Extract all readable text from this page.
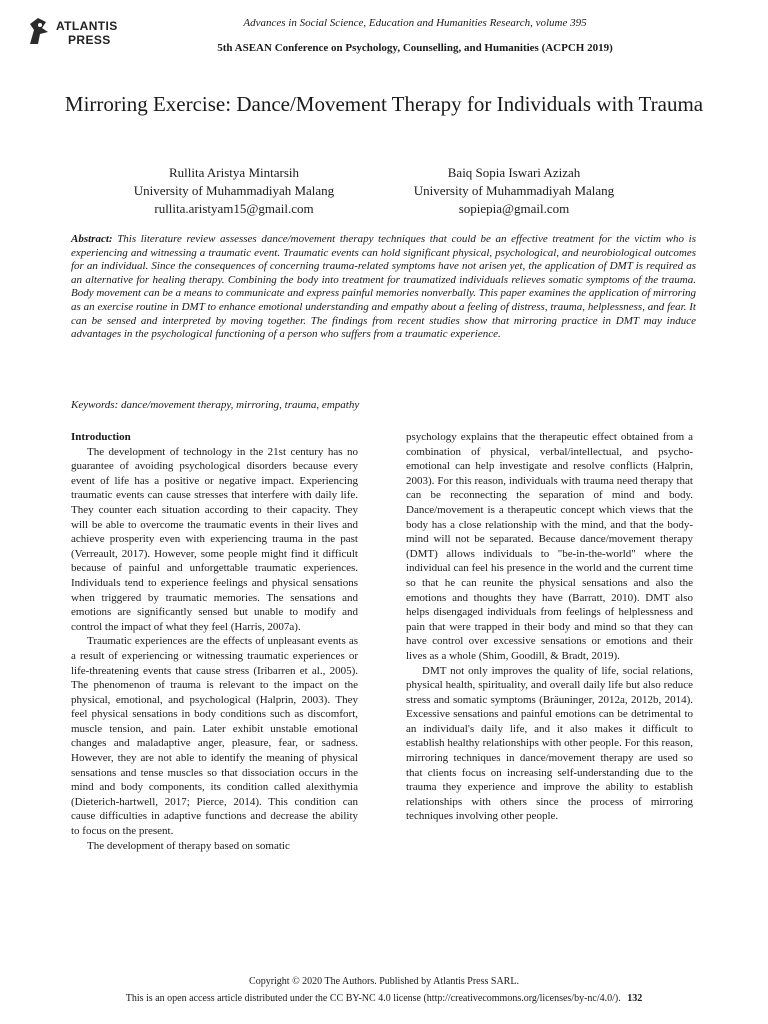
ATLANTIS
PRESS
Advances in Social Science, Education and Humanities Research, volume 395
5th ASEAN Conference on Psychology, Counselling, and Humanities (ACPCH 2019)
Mirroring Exercise: Dance/Movement Therapy for Individuals with Trauma
Rullita Aristya Mintarsih
University of Muhammadiyah Malang
rullita.aristyam15@gmail.com
Baiq Sopia Iswari Azizah
University of Muhammadiyah Malang
sopiepia@gmail.com
Abstract: This literature review assesses dance/movement therapy techniques that could be an effective treatment for the victim who is experiencing and witnessing a traumatic event. Traumatic events can hold significant physical, psychological, and neurobiological outcomes for an individual. Since the consequences of concerning trauma-related symptoms have not arisen yet, the application of DMT is required as an alternative for healing therapy. Combining the body into treatment for traumatized individuals relieves somatic symptoms of the trauma. Body movement can be a means to communicate and express painful memories nonverbally. This paper examines the application of mirroring as an exercise routine in DMT to enhance emotional understanding and empathy about a feeling of distress, trauma, helplessness, and fear. It can be sensed and interpreted by moving together. The findings from recent studies show that mirroring practice in DMT may induce advantages in the psychological functioning of a person who suffers from a traumatic experience.
Keywords: dance/movement therapy, mirroring, trauma, empathy
Introduction

The development of technology in the 21st century has no guarantee of avoiding psychological disorders because every event of life has a positive or negative impact. Experiencing traumatic events can cause stresses that interfere with daily life. They counter each situation according to their capacity. They will be able to overcome the traumatic events in their lives and achieve prosperity even with experiencing trauma in the past (Verreault, 2017). However, some people might find it difficult because of painful and unforgettable traumatic experiences. Individuals tend to experience feelings and physical sensations when triggered by traumatic memories. The sensations and emotions are significantly sensed but unable to modify and control the impact of what they feel (Harris, 2007a).

Traumatic experiences are the effects of unpleasant events as a result of experiencing or witnessing traumatic experiences or life-threatening events that cause stress (Iribarren et al., 2005). The phenomenon of trauma is relevant to the impact on the physical, emotional, and psychological (Halprin, 2003). They feel physical sensations in body conditions such as discomfort, muscle tension, and pain. Later exhibit unstable emotional changes and maladaptive anger, pleasure, fear, or sadness. However, they are not able to identify the meaning of physical sensations and tense muscles so that dissociation occurs in the mind and body components, its condition called alexithymia (Dieterich-hartwell, 2017; Pierce, 2014). This condition can cause difficulties in adaptive functions and decrease the ability to focus on the present.

The development of therapy based on somatic

psychology explains that the therapeutic effect obtained from a combination of physical, verbal/intellectual, and psycho-emotional can help investigate and resolve conflicts (Halprin, 2003). For this reason, individuals with trauma need therapy that can be reconnecting the separation of mind and body. Dance/movement is a therapeutic concept which views that the body has a close relationship with the mind, and that the body-mind will not be separated. Because dance/movement therapy (DMT) allows individuals to "be-in-the-world" where the individual can feel his presence in the world and the current time so that he can reunite the physical sensations and also the emotions and thoughts they have (Barratt, 2010). DMT also helps disengaged individuals from feelings of helplessness and pain that were trapped in their body and mind so that they can have control over excessive sensations or emotions and their lives as a whole (Shim, Goodill, & Bradt, 2019).

DMT not only improves the quality of life, social relations, physical health, spirituality, and overall daily life but also reduce stress and somatic symptoms (Bräuninger, 2012a, 2012b, 2014). Excessive sensations and painful emotions can be detrimental to an individual's daily life, and it also makes it difficult to establish healthy relationships with other people. For this reason, mirroring techniques in dance/movement therapy are used so that clients focus on increasing self-understanding due to the trauma they experience and improve the ability to establish relationships with others since the process of mirroring techniques involving other people.

Copyright © 2020 The Authors. Published by Atlantis Press SARL.
This is an open access article distributed under the CC BY-NC 4.0 license (http://creativecommons.org/licenses/by-nc/4.0/). 132
